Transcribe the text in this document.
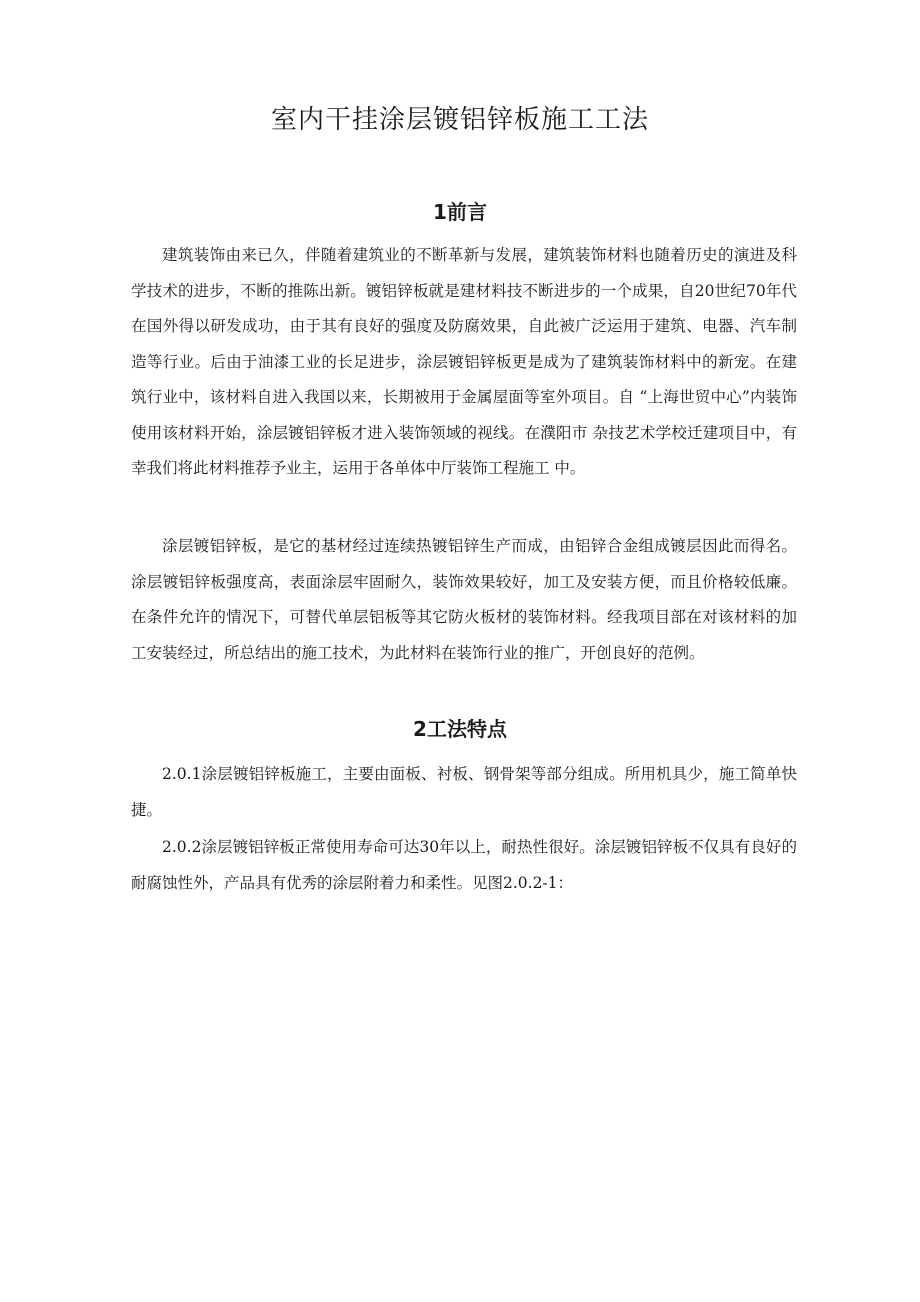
室内干挂涂层镀铝锌板施工工法
1前言

建筑装饰由来已久，伴随着建筑业的不断革新与发展，建筑装饰材料也随着历史的演进及科学技术的进步，不断的推陈出新。镀铝锌板就是建材料技不断进步的一个成果，自20世纪70年代在国外得以研发成功，由于其有良好的强度及防腐效果，自此被广泛运用于建筑、电器、汽车制造等行业。后由于油漆工业的长足进步，涂层镀铝锌板更是成为了建筑装饰材料中的新宠。在建筑行业中，该材料自进入我国以来，长期被用于金属屋面等室外项目。自 “上海世贸中心”内装饰使用该材料开始，涂层镀铝锌板才进入装饰领域的视线。在濮阳市 杂技艺术学校迁建项目中，有幸我们将此材料推荐予业主，运用于各单体中厅装饰工程施工 中。

涂层镀铝锌板，是它的基材经过连续热镀铝锌生产而成，由铝锌合金组成镀层因此而得名。涂层镀铝锌板强度高，表面涂层牢固耐久，装饰效果较好，加工及安装方便，而且价格较低廉。在条件允许的情况下，可替代单层铝板等其它防火板材的装饰材料。经我项目部在对该材料的加工安装经过，所总结出的施工技术，为此材料在装饰行业的推广，开创良好的范例。

2工法特点

2.0.1涂层镀铝锌板施工，主要由面板、衬板、钢骨架等部分组成。所用机具少，施工简单快捷。

2.0.2涂层镀铝锌板正常使用寿命可达30年以上，耐热性很好。涂层镀铝锌板不仅具有良好的耐腐蚀性外，产品具有优秀的涂层附着力和柔性。见图2.0.2-1：
